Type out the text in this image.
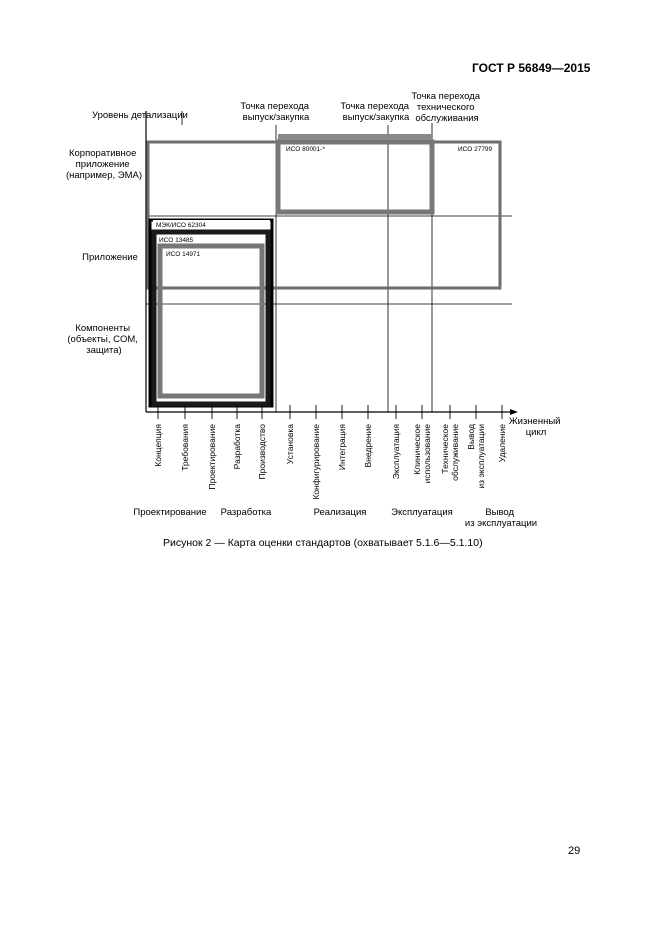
ГОСТ Р 56849—2015
Уровень детализации
Корпоративное приложение (например, ЭМА)
Приложение
Компоненты (объектьі, COM, защита)
Точка перехода выпуск/закупка
Точка перехода выпуск/закупка
Точка перехода технического обслуживания
ИСО 80001-*	ИСО 27799
МЭК/ИСО 62304
ИСО 13485
ИСО 14971
Жизненный цикл
Концепция Требования Проектирование Разработка Производство Установка Конфигурирование Интеграция Внедрение Эксплуатация Клиническоеиспользование Техническоеобслуживание Выводиз эксплуатации Удаление
Проектирование Разработка	Реализация	Эксплуатация	Вывод из эксплуатации
Рисунок 2 — Карта оценки стандартов (охватывает 5.1.6—5.1.10)
29
